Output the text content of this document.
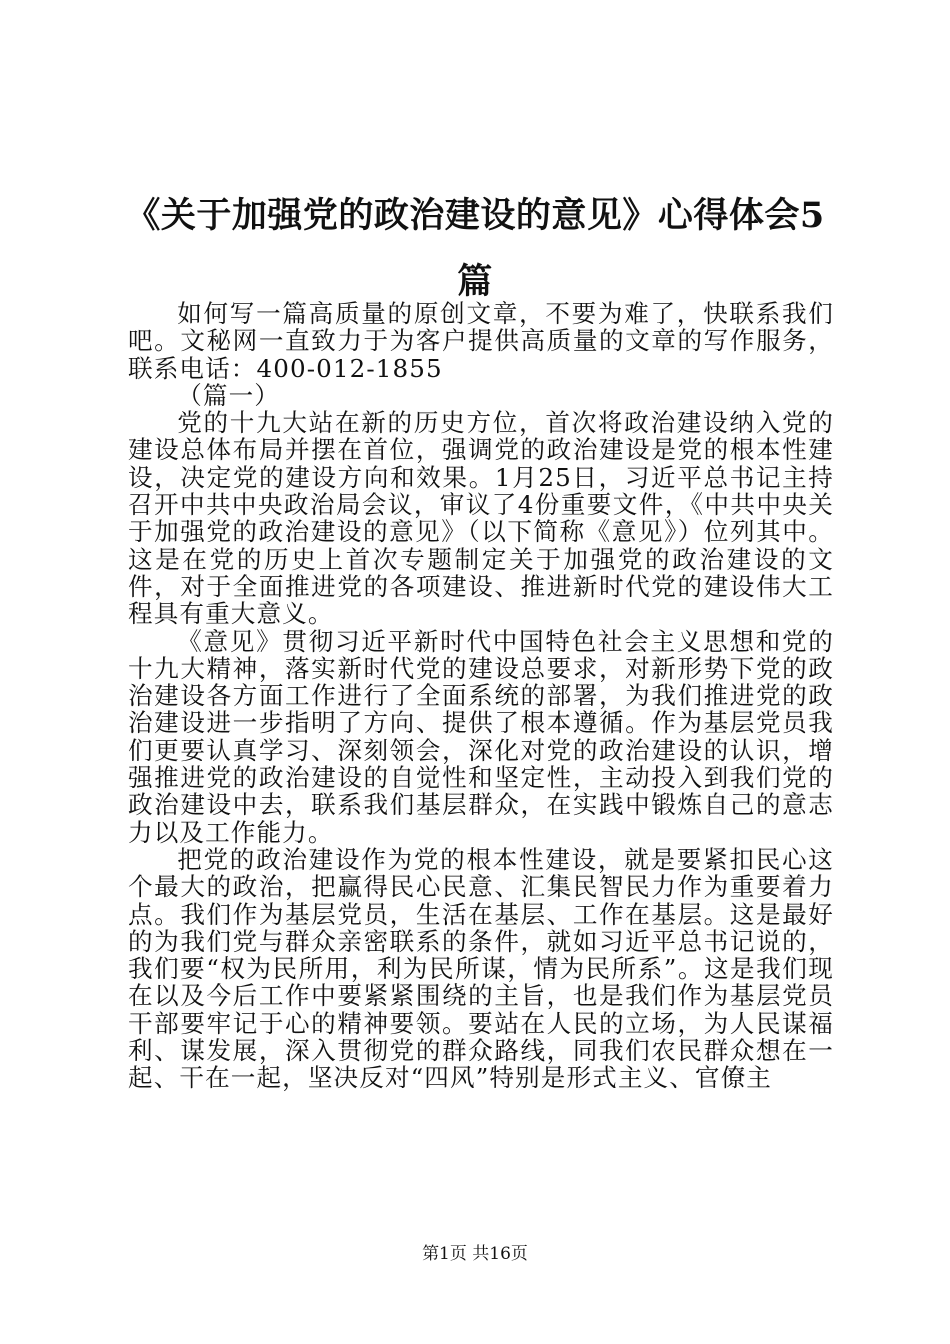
《关于加强党的政治建设的意见》心得体会5篇

如何写一篇高质量的原创文章，不要为难了，快联系我们吧。文秘网一直致力于为客户提供高质量的文章的写作服务，联系电话：400-012-1855

（篇一）

党的十九大站在新的历史方位，首次将政治建设纳入党的建设总体布局并摆在首位，强调党的政治建设是党的根本性建设，决定党的建设方向和效果。1月25日，习近平总书记主持召开中共中央政治局会议，审议了4份重要文件，《中共中央关于加强党的政治建设的意见》（以下简称《意见》）位列其中。这是在党的历史上首次专题制定关于加强党的政治建设的文件，对于全面推进党的各项建设、推进新时代党的建设伟大工程具有重大意义。

《意见》贯彻习近平新时代中国特色社会主义思想和党的十九大精神，落实新时代党的建设总要求，对新形势下党的政治建设各方面工作进行了全面系统的部署，为我们推进党的政治建设进一步指明了方向、提供了根本遵循。作为基层党员我们更要认真学习、深刻领会，深化对党的政治建设的认识，增强推进党的政治建设的自觉性和坚定性，主动投入到我们党的政治建设中去，联系我们基层群众，在实践中锻炼自己的意志力以及工作能力。

把党的政治建设作为党的根本性建设，就是要紧扣民心这个最大的政治，把赢得民心民意、汇集民智民力作为重要着力点。我们作为基层党员，生活在基层、工作在基层。这是最好的为我们党与群众亲密联系的条件，就如习近平总书记说的，我们要“权为民所用，利为民所谋，情为民所系”。这是我们现在以及今后工作中要紧紧围绕的主旨，也是我们作为基层党员干部要牢记于心的精神要领。要站在人民的立场，为人民谋福利、谋发展，深入贯彻党的群众路线，同我们农民群众想在一起、干在一起，坚决反对“四风”特别是形式主义、官僚主

第1页 共16页
